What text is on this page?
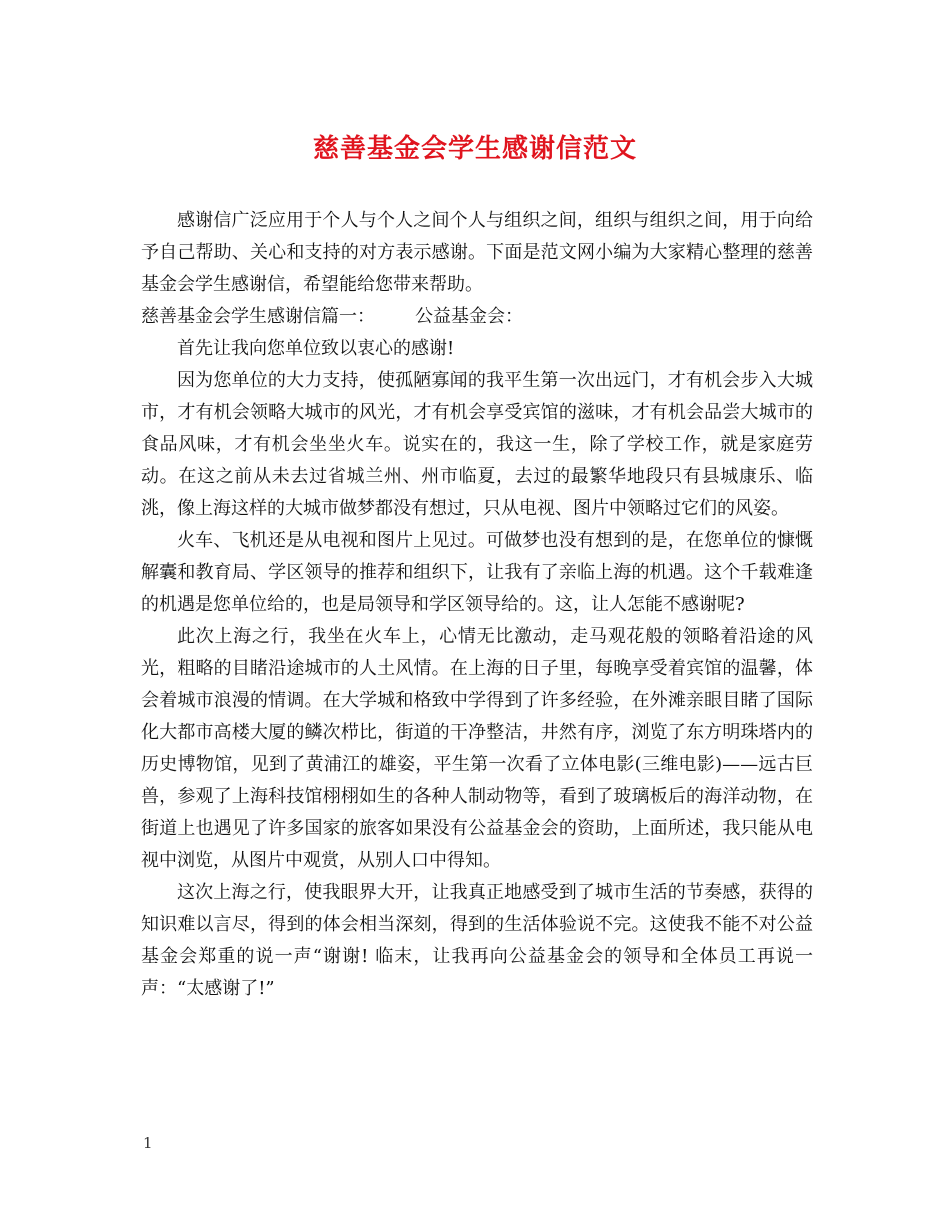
慈善基金会学生感谢信范文

感谢信广泛应用于个人与个人之间个人与组织之间，组织与组织之间，用于向给予自己帮助、关心和支持的对方表示感谢。下面是范文网小编为大家精心整理的慈善基金会学生感谢信，希望能给您带来帮助。

慈善基金会学生感谢信篇一： 公益基金会：

首先让我向您单位致以衷心的感谢!

因为您单位的大力支持，使孤陋寡闻的我平生第一次出远门，才有机会步入大城市，才有机会领略大城市的风光，才有机会享受宾馆的滋味，才有机会品尝大城市的食品风味，才有机会坐坐火车。说实在的，我这一生，除了学校工作，就是家庭劳动。在这之前从未去过省城兰州、州市临夏，去过的最繁华地段只有县城康乐、临洮，像上海这样的大城市做梦都没有想过，只从电视、图片中领略过它们的风姿。

火车、飞机还是从电视和图片上见过。可做梦也没有想到的是，在您单位的慷慨解囊和教育局、学区领导的推荐和组织下，让我有了亲临上海的机遇。这个千载难逢的机遇是您单位给的，也是局领导和学区领导给的。这，让人怎能不感谢呢?

此次上海之行，我坐在火车上，心情无比激动，走马观花般的领略着沿途的风光，粗略的目睹沿途城市的人土风情。在上海的日子里，每晚享受着宾馆的温馨，体会着城市浪漫的情调。在大学城和格致中学得到了许多经验，在外滩亲眼目睹了国际化大都市高楼大厦的鳞次栉比，街道的干净整洁，井然有序，浏览了东方明珠塔内的历史博物馆，见到了黄浦江的雄姿，平生第一次看了立体电影(三维电影)——远古巨兽，参观了上海科技馆栩栩如生的各种人制动物等，看到了玻璃板后的海洋动物，在街道上也遇见了许多国家的旅客如果没有公益基金会的资助，上面所述，我只能从电视中浏览，从图片中观赏，从别人口中得知。

这次上海之行，使我眼界大开，让我真正地感受到了城市生活的节奏感，获得的知识难以言尽，得到的体会相当深刻，得到的生活体验说不完。这使我不能不对公益基金会郑重的说一声“谢谢! 临末，让我再向公益基金会的领导和全体员工再说一声：“太感谢了!”

1
